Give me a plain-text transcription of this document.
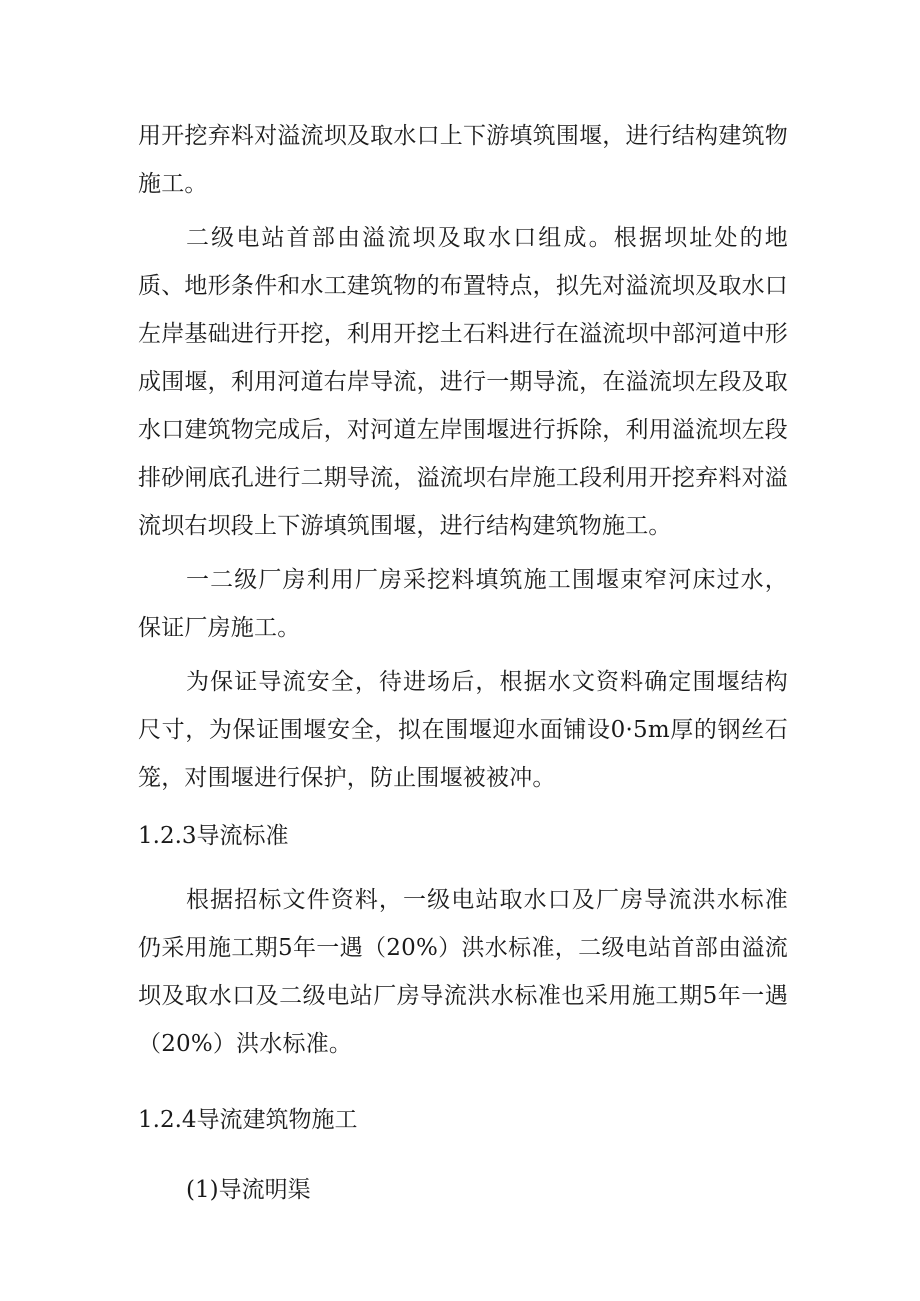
用开挖弃料对溢流坝及取水口上下游填筑围堰，进行结构建筑物施工。

二级电站首部由溢流坝及取水口组成。根据坝址处的地质、地形条件和水工建筑物的布置特点，拟先对溢流坝及取水口左岸基础进行开挖，利用开挖土石料进行在溢流坝中部河道中形成围堰，利用河道右岸导流，进行一期导流，在溢流坝左段及取水口建筑物完成后，对河道左岸围堰进行拆除，利用溢流坝左段排砂闸底孔进行二期导流，溢流坝右岸施工段利用开挖弃料对溢流坝右坝段上下游填筑围堰，进行结构建筑物施工。

一二级厂房利用厂房采挖料填筑施工围堰束窄河床过水，保证厂房施工。

为保证导流安全，待进场后，根据水文资料确定围堰结构尺寸，为保证围堰安全，拟在围堰迎水面铺设0·5m厚的钢丝石笼，对围堰进行保护，防止围堰被被冲。

1.2.3导流标准

根据招标文件资料，一级电站取水口及厂房导流洪水标准仍采用施工期5年一遇（20%）洪水标准，二级电站首部由溢流坝及取水口及二级电站厂房导流洪水标准也采用施工期5年一遇（20%）洪水标准。

1.2.4导流建筑物施工

(1)导流明渠
